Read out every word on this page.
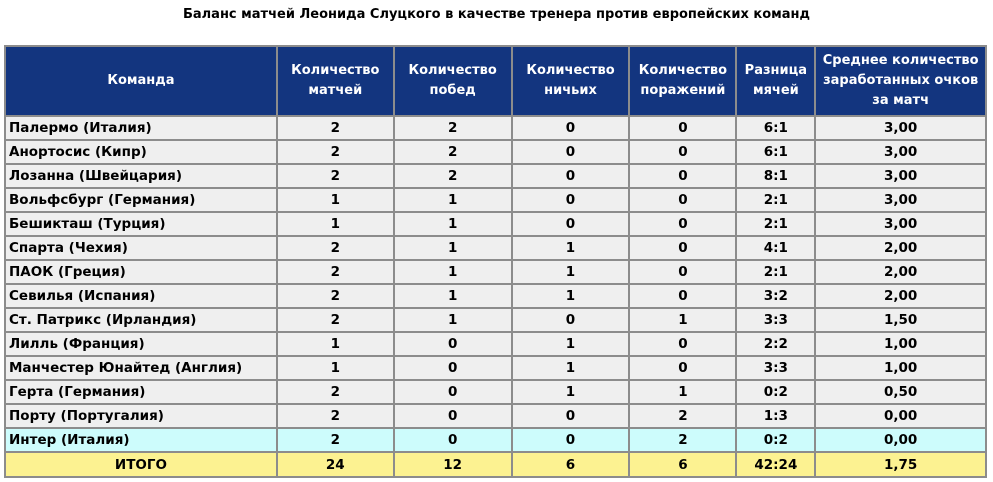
Баланс матчей Леонида Слуцкого в качестве тренера против европейских команд
Команда	Количество матчей	Количество побед	Количество ничьих	Количество поражений	Разница мячей	Среднее количество заработанных очков за матч
Палермо (Италия)	2	2	0	0	6:1	3,00
Анортосис (Кипр)	2	2	0	0	6:1	3,00
Лозанна (Швейцария)	2	2	0	0	8:1	3,00
Вольфсбург (Германия)	1	1	0	0	2:1	3,00
Бешикташ (Турция)	1	1	0	0	2:1	3,00
Спарта (Чехия)	2	1	1	0	4:1	2,00
ПАОК (Греция)	2	1	1	0	2:1	2,00
Севилья (Испания)	2	1	1	0	3:2	2,00
Ст. Патрикс (Ирландия)	2	1	0	1	3:3	1,50
Лилль (Франция)	1	0	1	0	2:2	1,00
Манчестер Юнайтед (Англия)	1	0	1	0	3:3	1,00
Герта (Германия)	2	0	1	1	0:2	0,50
Порту (Португалия)	2	0	0	2	1:3	0,00
Интер (Италия)	2	0	0	2	0:2	0,00
ИТОГО	24	12	6	6	42:24	1,75
